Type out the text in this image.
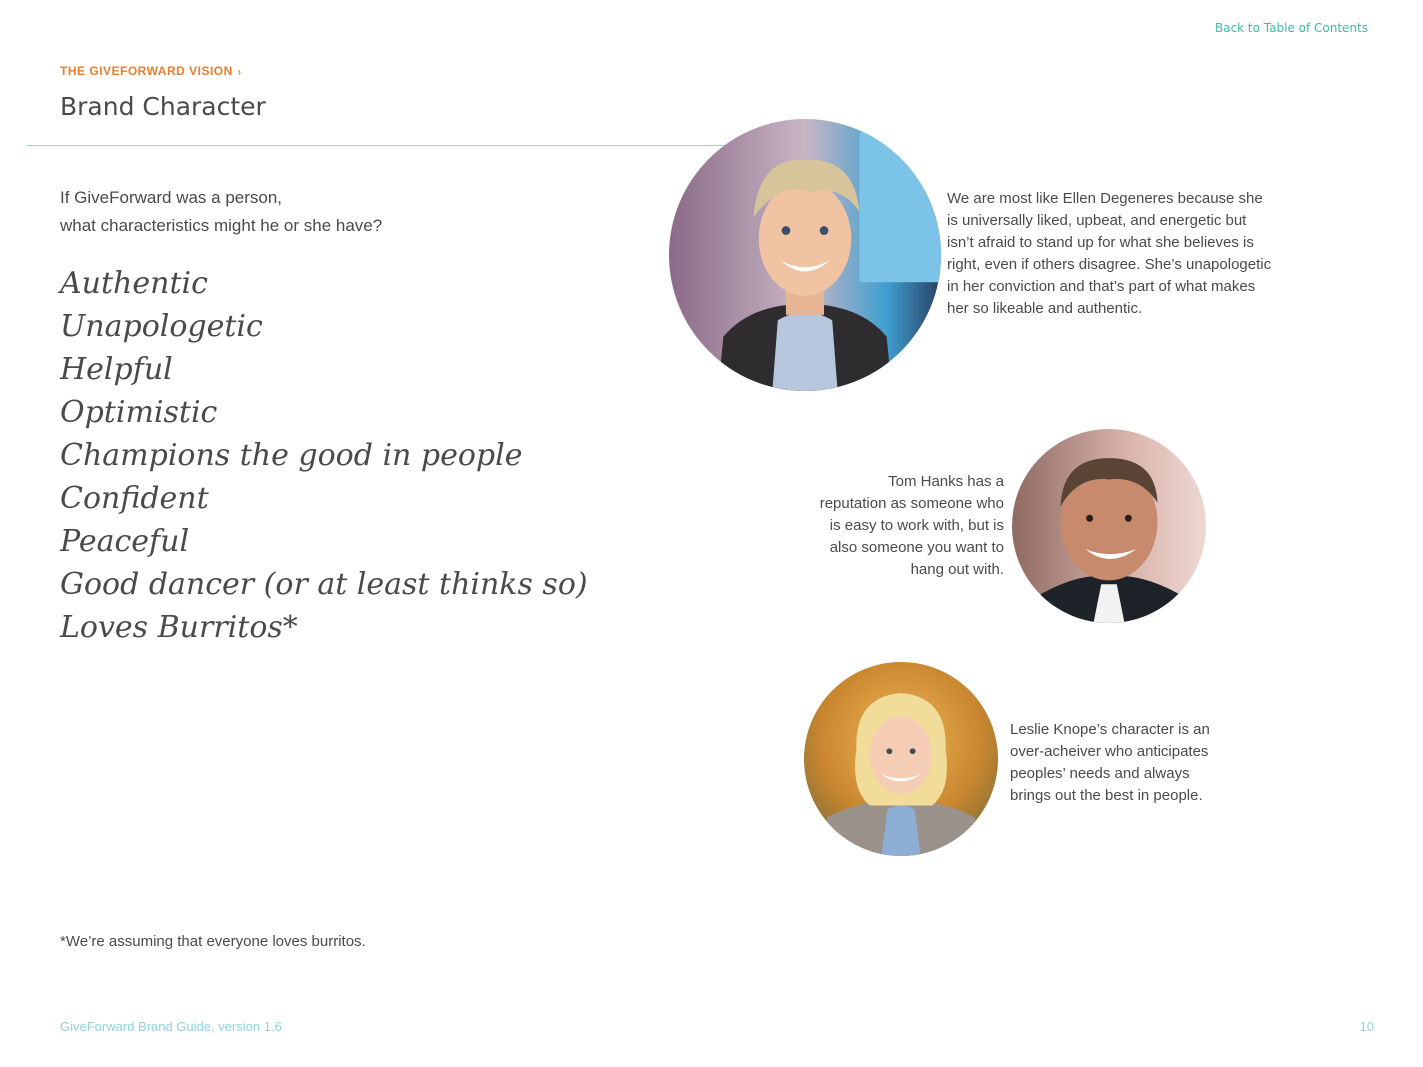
Back to Table of Contents
THE GIVEFORWARD VISION ›
Brand Character
If GiveForward was a person,
what characteristics might he or she have?
Authentic
Unapologetic
Helpful
Optimistic
Champions the good in people
Confident
Peaceful
Good dancer (or at least thinks so)
Loves Burritos*
We are most like Ellen Degeneres because she is universally liked, upbeat, and energetic but isn’t afraid to stand up for what she believes is right, even if others disagree. She’s unapologetic in her conviction and that’s part of what makes her so likeable and authentic.
Tom Hanks has a reputation as someone who is easy to work with, but is also someone you want to hang out with.
Leslie Knope’s character is an over-acheiver who anticipates peoples’ needs and always brings out the best in people.
*We’re assuming that everyone loves burritos.
GiveForward Brand Guide, version 1.6	10
